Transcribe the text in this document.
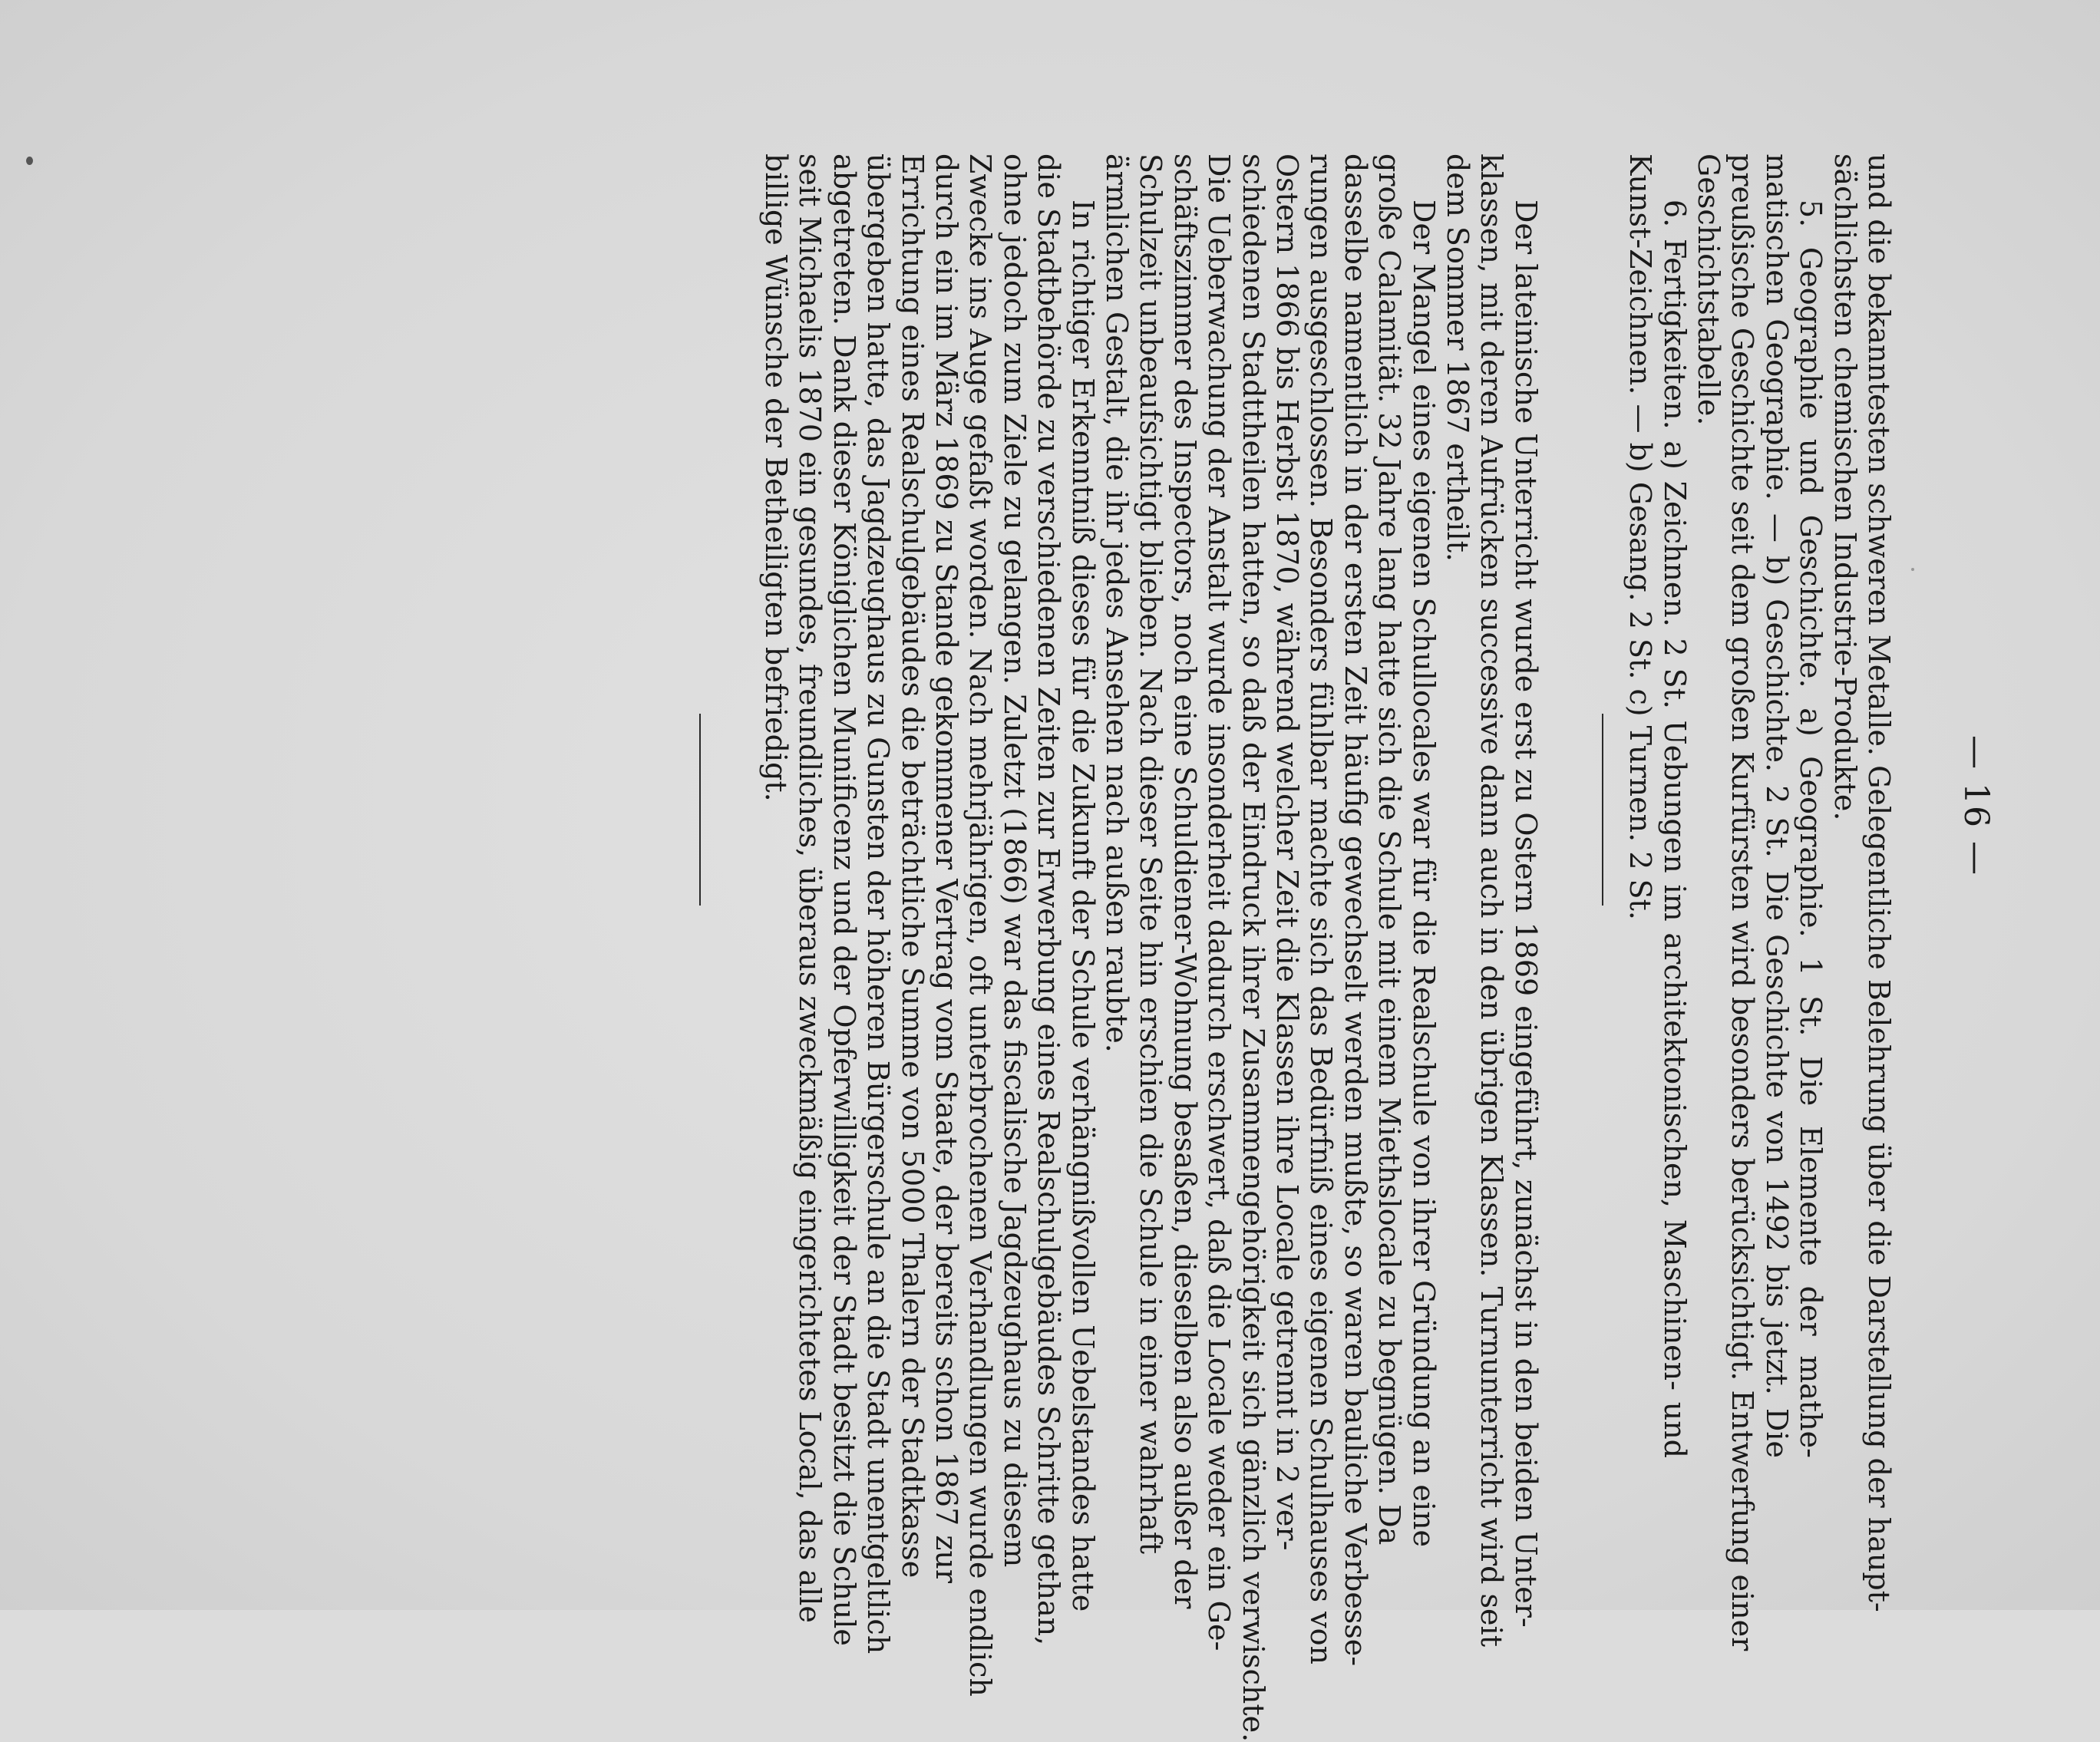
— 16 —
und die bekanntesten schweren Metalle. Gelegentliche Belehrung über die Darstellung der haupt-
sächlichsten chemischen Industrie-Produkte.
5. Geographie und Geschichte. a) Geographie. 1 St. Die Elemente der mathe-
matischen Geographie. — b) Geschichte. 2 St. Die Geschichte von 1492 bis jetzt. Die
preußische Geschichte seit dem großen Kurfürsten wird besonders berücksichtigt. Entwerfung einer
Geschichtstabelle.
6. Fertigkeiten. a) Zeichnen. 2 St. Uebungen im architektonischen, Maschinen- und
Kunst-Zeichnen. — b) Gesang. 2 St. c) Turnen. 2 St.
Der lateinische Unterricht wurde erst zu Ostern 1869 eingeführt, zunächst in den beiden Unter-
klassen, mit deren Aufrücken successive dann auch in den übrigen Klassen. Turnunterricht wird seit
dem Sommer 1867 ertheilt.
Der Mangel eines eigenen Schullocales war für die Realschule von ihrer Gründung an eine
große Calamität. 32 Jahre lang hatte sich die Schule mit einem Miethslocale zu begnügen. Da
dasselbe namentlich in der ersten Zeit häufig gewechselt werden mußte, so waren bauliche Verbesse-
rungen ausgeschlossen. Besonders fühlbar machte sich das Bedürfniß eines eigenen Schulhauses von
Ostern 1866 bis Herbst 1870, während welcher Zeit die Klassen ihre Locale getrennt in 2 ver-
schiedenen Stadttheilen hatten, so daß der Eindruck ihrer Zusammengehörigkeit sich gänzlich verwischte.
Die Ueberwachung der Anstalt wurde insonderheit dadurch erschwert, daß die Locale weder ein Ge-
schäftszimmer des Inspectors, noch eine Schuldiener-Wohnung besaßen, dieselben also außer der
Schulzeit unbeaufsichtigt blieben. Nach dieser Seite hin erschien die Schule in einer wahrhaft
ärmlichen Gestalt, die ihr jedes Ansehen nach außen raubte.
In richtiger Erkenntniß dieses für die Zukunft der Schule verhängnißvollen Uebelstandes hatte
die Stadtbehörde zu verschiedenen Zeiten zur Erwerbung eines Realschulgebäudes Schritte gethan,
ohne jedoch zum Ziele zu gelangen. Zuletzt (1866) war das fiscalische Jagdzeughaus zu diesem
Zwecke ins Auge gefaßt worden. Nach mehrjährigen, oft unterbrochenen Verhandlungen wurde endlich
durch ein im März 1869 zu Stande gekommener Vertrag vom Staate, der bereits schon 1867 zur
Errichtung eines Realschulgebäudes die beträchtliche Summe von 5000 Thalern der Stadtkasse
übergeben hatte, das Jagdzeughaus zu Gunsten der höheren Bürgerschule an die Stadt unentgeltlich
abgetreten. Dank dieser Königlichen Munificenz und der Opferwilligkeit der Stadt besitzt die Schule
seit Michaelis 1870 ein gesundes, freundliches, überaus zweckmäßig eingerichtetes Local, das alle
billige Wünsche der Betheiligten befriedigt.
